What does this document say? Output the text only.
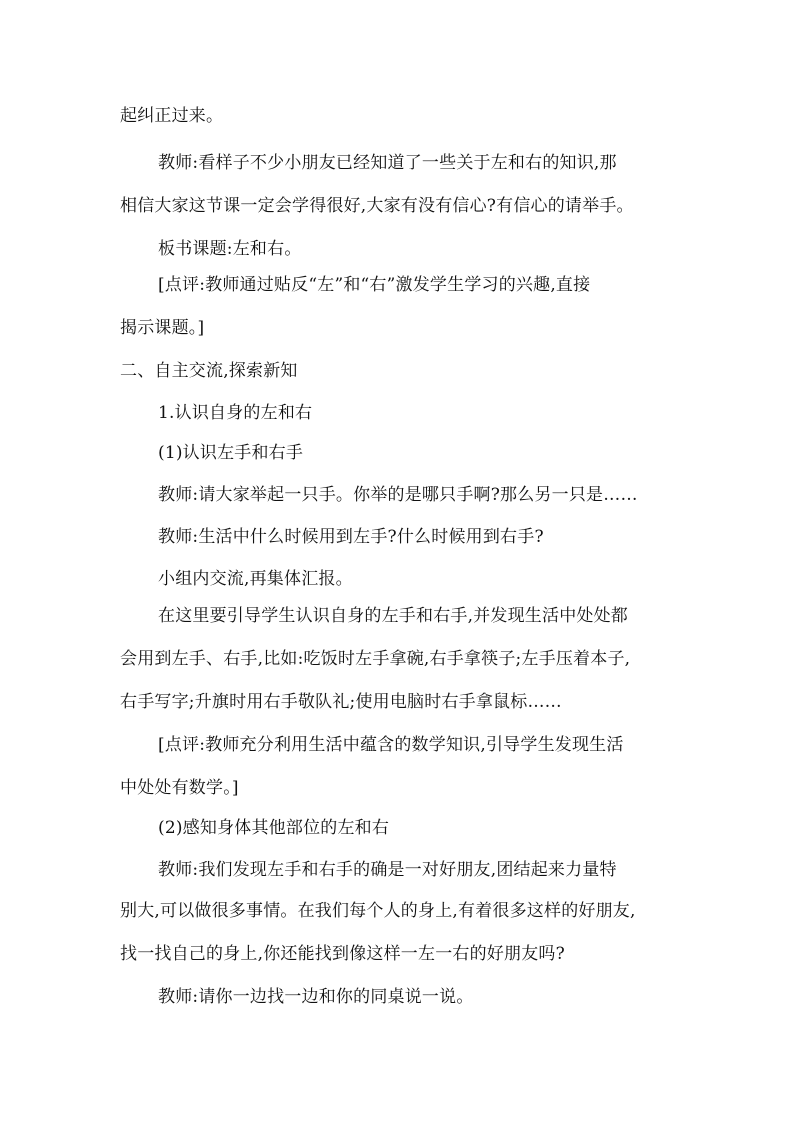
起纠正过来。
教师:看样子不少小朋友已经知道了一些关于左和右的知识,那
相信大家这节课一定会学得很好,大家有没有信心?有信心的请举手。
板书课题:左和右。
[点评:教师通过贴反“左”和“右”激发学生学习的兴趣,直接
揭示课题。]
二、自主交流,探索新知
1.认识自身的左和右
(1)认识左手和右手
教师:请大家举起一只手。你举的是哪只手啊?那么另一只是……
教师:生活中什么时候用到左手?什么时候用到右手?
小组内交流,再集体汇报。
在这里要引导学生认识自身的左手和右手,并发现生活中处处都
会用到左手、右手,比如:吃饭时左手拿碗,右手拿筷子;左手压着本子,
右手写字;升旗时用右手敬队礼;使用电脑时右手拿鼠标……
[点评:教师充分利用生活中蕴含的数学知识,引导学生发现生活
中处处有数学。]
(2)感知身体其他部位的左和右
教师:我们发现左手和右手的确是一对好朋友,团结起来力量特
别大,可以做很多事情。在我们每个人的身上,有着很多这样的好朋友,
找一找自己的身上,你还能找到像这样一左一右的好朋友吗?
教师:请你一边找一边和你的同桌说一说。
